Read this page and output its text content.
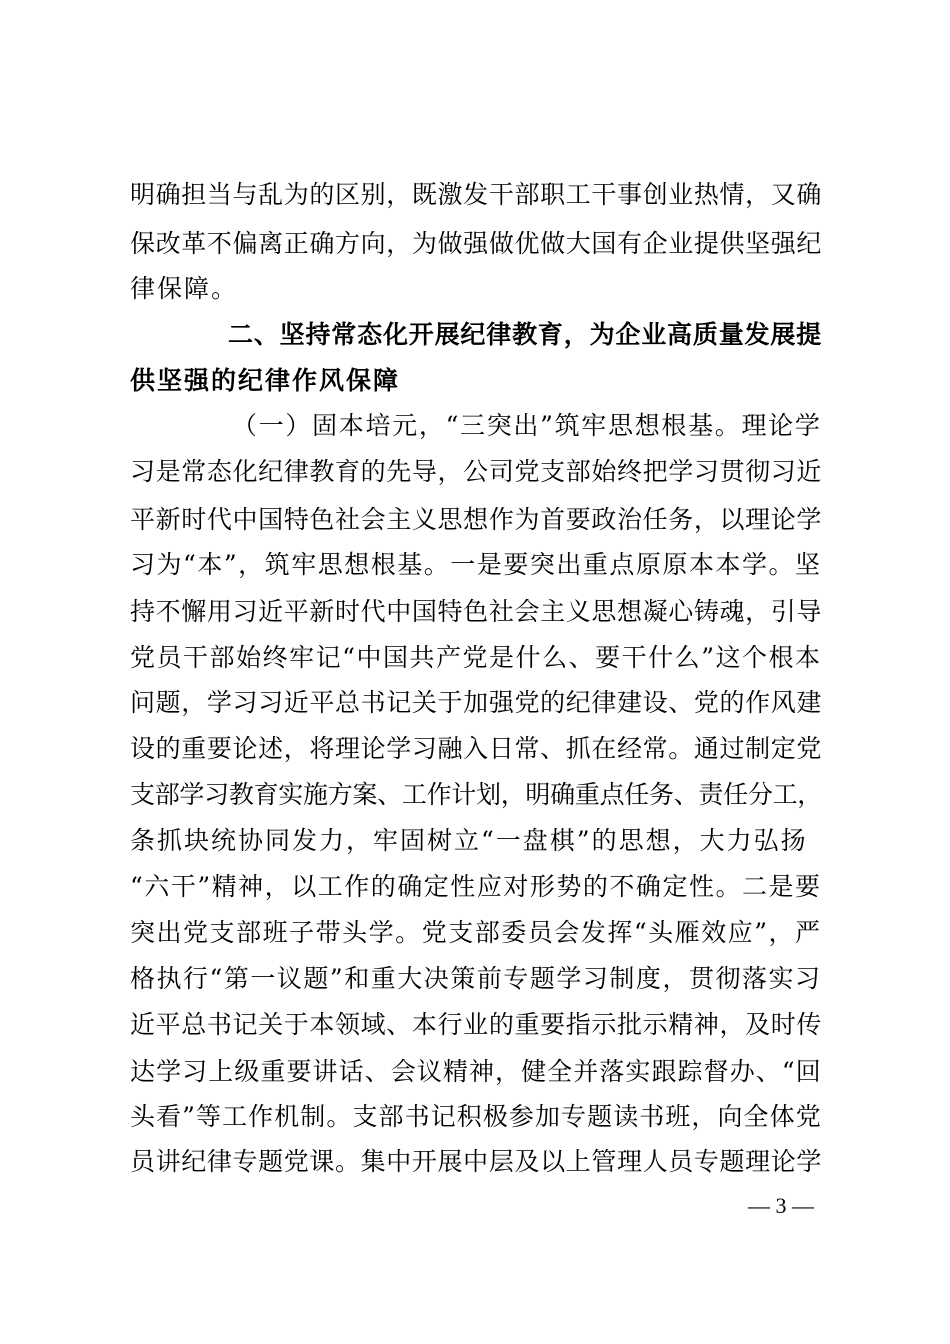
明确担当与乱为的区别，既激发干部职工干事创业热情，又确
保改革不偏离正确方向，为做强做优做大国有企业提供坚强纪
律保障。
二、坚持常态化开展纪律教育，为企业高质量发展提
供坚强的纪律作风保障
（一）固本培元，“三突出”筑牢思想根基。理论学
习是常态化纪律教育的先导，公司党支部始终把学习贯彻习近
平新时代中国特色社会主义思想作为首要政治任务，以理论学
习为“本”，筑牢思想根基。一是要突出重点原原本本学。坚
持不懈用习近平新时代中国特色社会主义思想凝心铸魂，引导
党员干部始终牢记“中国共产党是什么、要干什么”这个根本
问题，学习习近平总书记关于加强党的纪律建设、党的作风建
设的重要论述，将理论学习融入日常、抓在经常。通过制定党
支部学习教育实施方案、工作计划，明确重点任务、责任分工，
条抓块统协同发力，牢固树立“一盘棋”的思想，大力弘扬
“六干”精神，以工作的确定性应对形势的不确定性。二是要
突出党支部班子带头学。党支部委员会发挥“头雁效应”，严
格执行“第一议题”和重大决策前专题学习制度，贯彻落实习
近平总书记关于本领域、本行业的重要指示批示精神，及时传
达学习上级重要讲话、会议精神，健全并落实跟踪督办、“回
头看”等工作机制。支部书记积极参加专题读书班，向全体党
员讲纪律专题党课。集中开展中层及以上管理人员专题理论学
— 3 —
